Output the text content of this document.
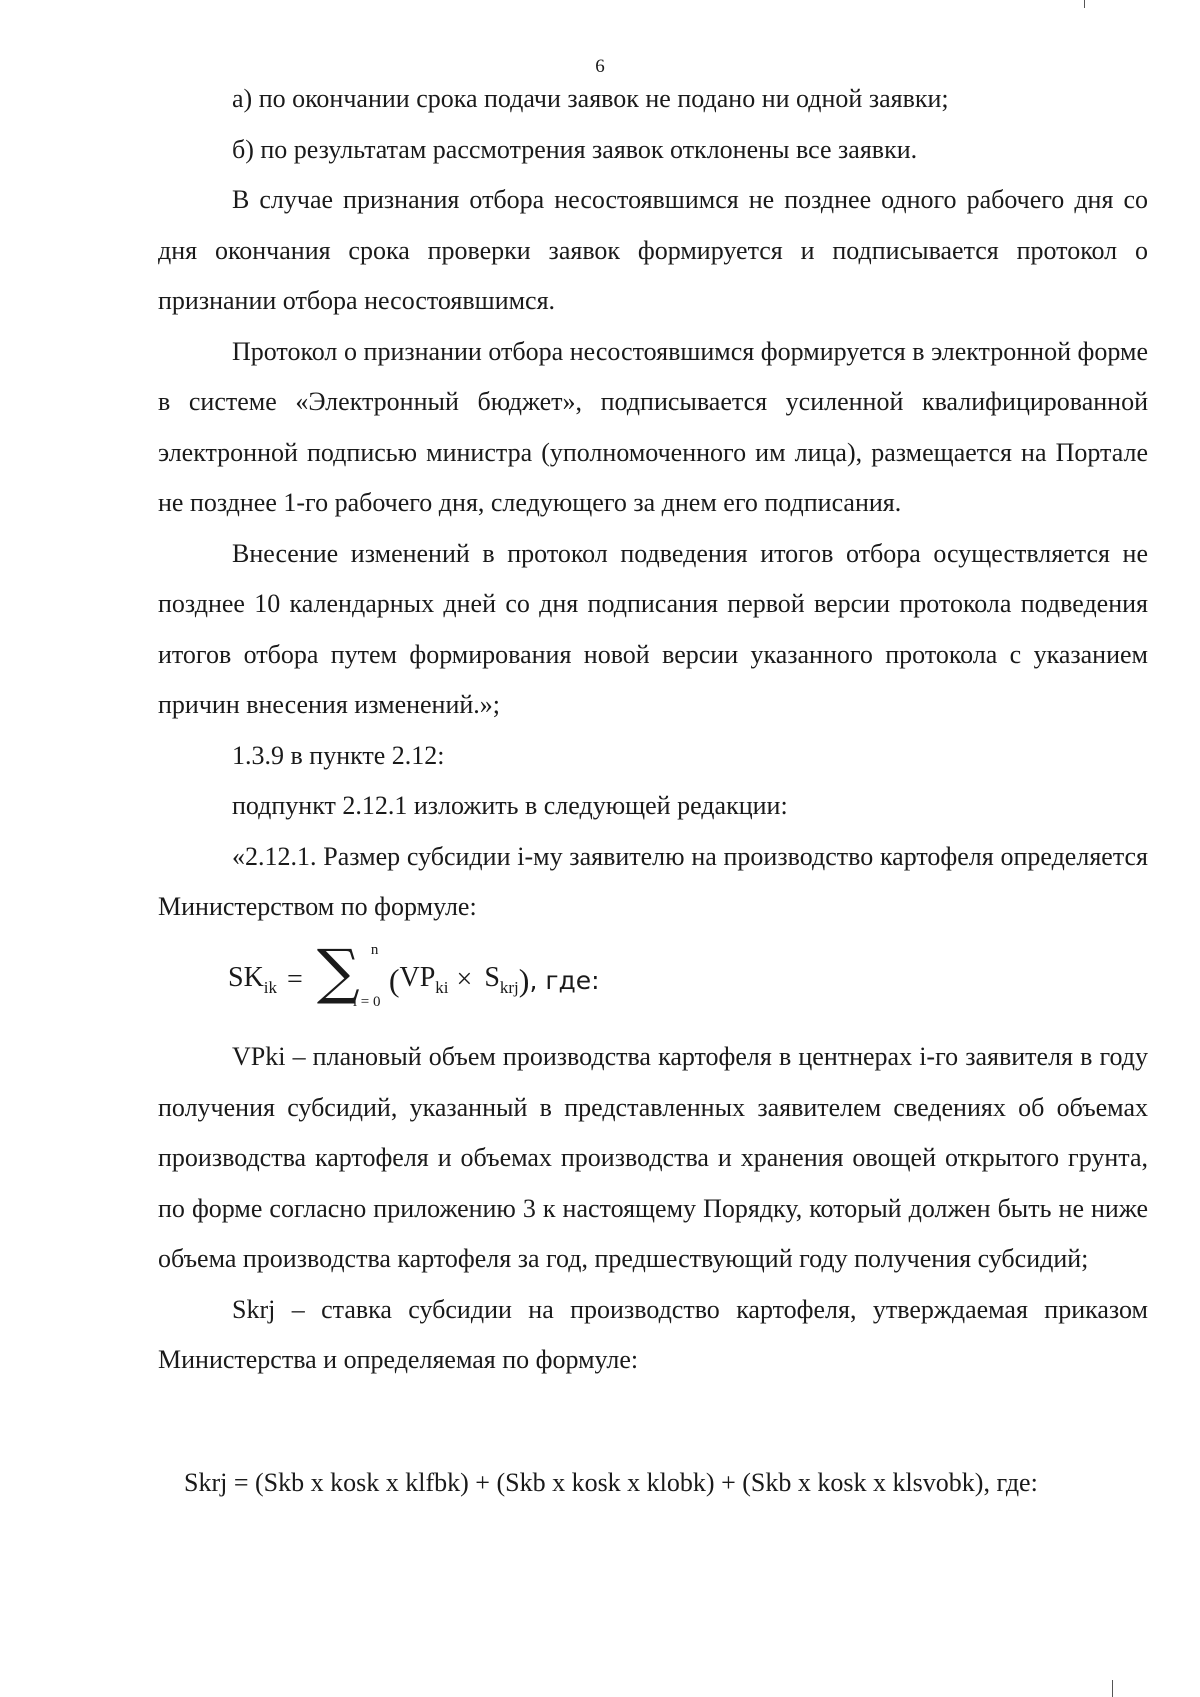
6

а) по окончании срока подачи заявок не подано ни одной заявки;

б) по результатам рассмотрения заявок отклонены все заявки.

В случае признания отбора несостоявшимся не позднее одного рабочего дня со дня окончания срока проверки заявок формируется и подписывается протокол о признании отбора несостоявшимся.

Протокол о признании отбора несостоявшимся формируется в электронной форме в системе «Электронный бюджет», подписывается усиленной квалифицированной электронной подписью министра (уполномоченного им лица), размещается на Портале не позднее 1-го рабочего дня, следующего за днем его подписания.

Внесение изменений в протокол подведения итогов отбора осуществляется не позднее 10 календарных дней со дня подписания первой версии протокола подведения итогов отбора путем формирования новой версии указанного протокола с указанием причин внесения изменений.»;

1.3.9 в пункте 2.12:

подпункт 2.12.1 изложить в следующей редакции:

«2.12.1. Размер субсидии i-му заявителю на производство картофеля определяется Министерством по формуле:

$SK_{ik}$ = ∑ n
i = 0
( $VP_{ki} \times S_{krj}$ ) , где:

VPki – плановый объем производства картофеля в центнерах i-го заявителя в году получения субсидий, указанный в представленных заявителем сведениях об объемах производства картофеля и объемах производства и хранения овощей открытого грунта, по форме согласно приложению 3 к настоящему Порядку, который должен быть не ниже объема производства картофеля за год, предшествующий году получения субсидий;

Skrj – ставка субсидии на производство картофеля, утверждаемая приказом Министерства и определяемая по формуле:

Skrj = (Skb x kosk x klfbk) + (Skb x kosk x klobk) + (Skb x kosk x klsvobk), где:
